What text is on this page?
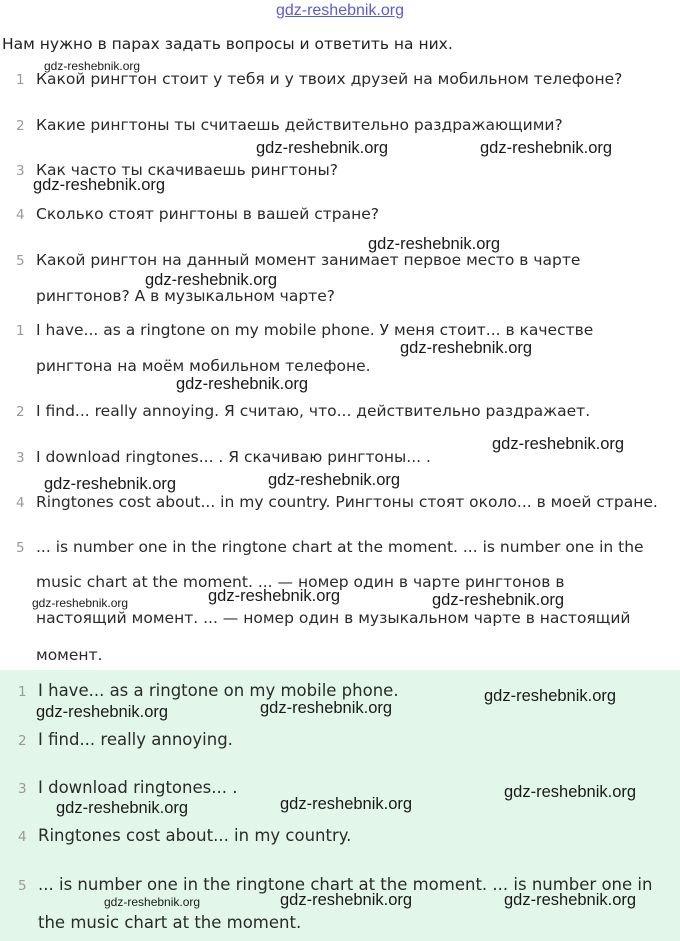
gdz-reshebnik.org
Нам нужно в парах задать вопросы и ответить на них.
1 Какой рингтон стоит у тебя и у твоих друзей на мобильном телефоне?
2 Какие рингтоны ты считаешь действительно раздражающими?
3 Как часто ты скачиваешь рингтоны?
4 Сколько стоят рингтоны в вашей стране?
5 Какой рингтон на данный момент занимает первое место в чарте
рингтонов? А в музыкальном чарте?
1 I have... as a ringtone on my mobile phone. У меня стоит... в качестве
рингтона на моём мобильном телефоне.
2 I find... really annoying. Я считаю, что... действительно раздражает.
3 I download ringtones... . Я скачиваю рингтоны... .
4 Ringtones cost about... in my country. Рингтоны стоят около... в моей стране.
5 ... is number one in the ringtone chart at the moment. ... is number one in the
music chart at the moment. ... — номер один в чарте рингтонов в
настоящий момент. ... — номер один в музыкальном чарте в настоящий
момент.
1 I have... as a ringtone on my mobile phone.
2 I find... really annoying.
3 I download ringtones... .
4 Ringtones cost about... in my country.
5 ... is number one in the ringtone chart at the moment. ... is number one in
the music chart at the moment.
gdz-reshebnik.org
gdz-reshebnik.org	gdz-reshebnik.org
gdz-reshebnik.org
gdz-reshebnik.org
gdz-reshebnik.org
gdz-reshebnik.org
gdz-reshebnik.org
gdz-reshebnik.org
gdz-reshebnik.org
gdz-reshebnik.org
gdz-reshebnik.org	gdz-reshebnik.org	gdz-reshebnik.org
gdz-reshebnik.org
gdz-reshebnik.org	gdz-reshebnik.org
gdz-reshebnik.org
gdz-reshebnik.org
gdz-reshebnik.org
gdz-reshebnik.org	gdz-reshebnik.org	gdz-reshebnik.org
